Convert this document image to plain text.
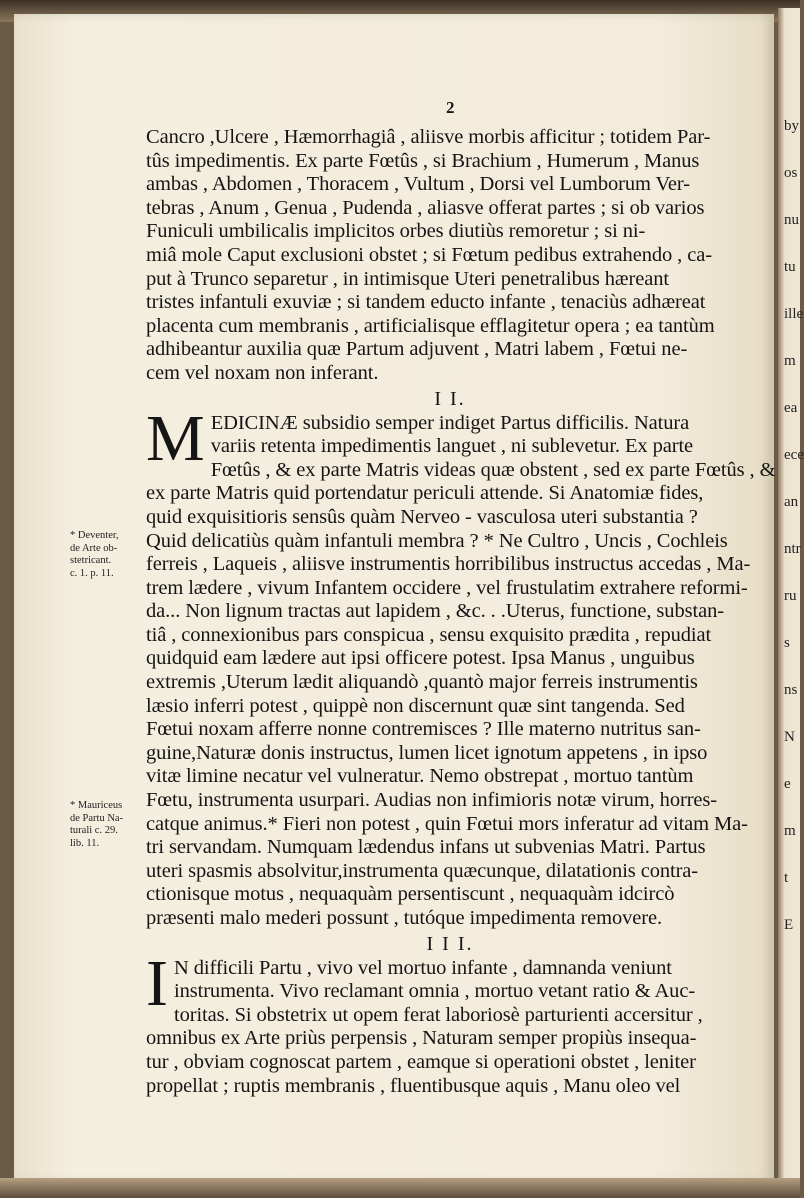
by
os
nu
tu
ille
m
ea
ece
an
ntr
ru
s
ns
N
e
m
t
E
2
Cancro ,Ulcere , Hæmorrhagiâ , aliisve morbis afficitur ; totidem Par-
tûs impedimentis. Ex parte Fœtûs , si Brachium , Humerum , Manus
ambas , Abdomen , Thoracem , Vultum , Dorsi vel Lumborum Ver-
tebras , Anum , Genua , Pudenda , aliasve offerat partes ; si ob varios
Funiculi umbilicalis implicitos orbes diutiùs remoretur ; si ni-
miâ mole Caput exclusioni obstet ; si Fœtum pedibus extrahendo , ca-
put à Trunco separetur , in intimisque Uteri penetralibus hæreant
tristes infantuli exuviæ ; si tandem educto infante , tenaciùs adhæreat
placenta cum membranis , artificialisque efflagitetur opera ; ea tantùm
adhibeantur auxilia quæ Partum adjuvent , Matri labem , Fœtui ne-
cem vel noxam non inferant.
I I.
M EDICINÆ subsidio semper indiget Partus difficilis. Natura
variis retenta impedimentis languet , ni sublevetur. Ex parte
Fœtûs , & ex parte Matris videas quæ obstent , sed ex parte Fœtûs , &
ex parte Matris quid portendatur periculi attende. Si Anatomiæ fides,
quid exquisitioris sensûs quàm Nerveo - vasculosa uteri substantia ?
Quid delicatiùs quàm infantuli membra ? * Ne Cultro , Uncis , Cochleis
ferreis , Laqueis , aliisve instrumentis horribilibus instructus accedas , Ma-
trem lædere , vivum Infantem occidere , vel frustulatim extrahere reformi-
da... Non lignum tractas aut lapidem , &c. . .Uterus, functione, substan-
tiâ , connexionibus pars conspicua , sensu exquisito prædita , repudiat
quidquid eam lædere aut ipsi officere potest. Ipsa Manus , unguibus
extremis ,Uterum lædit aliquandò ,quantò major ferreis instrumentis
læsio inferri potest , quippè non discernunt quæ sint tangenda. Sed
Fœtui noxam afferre nonne contremisces ? Ille materno nutritus san-
guine,Naturæ donis instructus, lumen licet ignotum appetens , in ipso
vitæ limine necatur vel vulneratur. Nemo obstrepat , mortuo tantùm
Fœtu, instrumenta usurpari. Audias non infimioris notæ virum, horres-
catque animus.* Fieri non potest , quin Fœtui mors inferatur ad vitam Ma-
tri servandam. Numquam lædendus infans ut subvenias Matri. Partus
uteri spasmis absolvitur,instrumenta quæcunque, dilatationis contra-
ctionisque motus , nequaquàm persentiscunt , nequaquàm idcircò
præsenti malo mederi possunt , tutóque impedimenta removere.
I I I.
I N difficili Partu , vivo vel mortuo infante , damnanda veniunt
instrumenta. Vivo reclamant omnia , mortuo vetant ratio & Auc-
toritas. Si obstetrix ut opem ferat laboriosè parturienti accersitur ,
omnibus ex Arte priùs perpensis , Naturam semper propiùs insequa-
tur , obviam cognoscat partem , eamque si operationi obstet , leniter
propellat ; ruptis membranis , fluentibusque aquis , Manu oleo vel
* Deventer,
de Arte ob-
stetricant.
c. 1. p. 11.
* Mauriceus
de Partu Na-
turali c. 29.
lib. 11.
